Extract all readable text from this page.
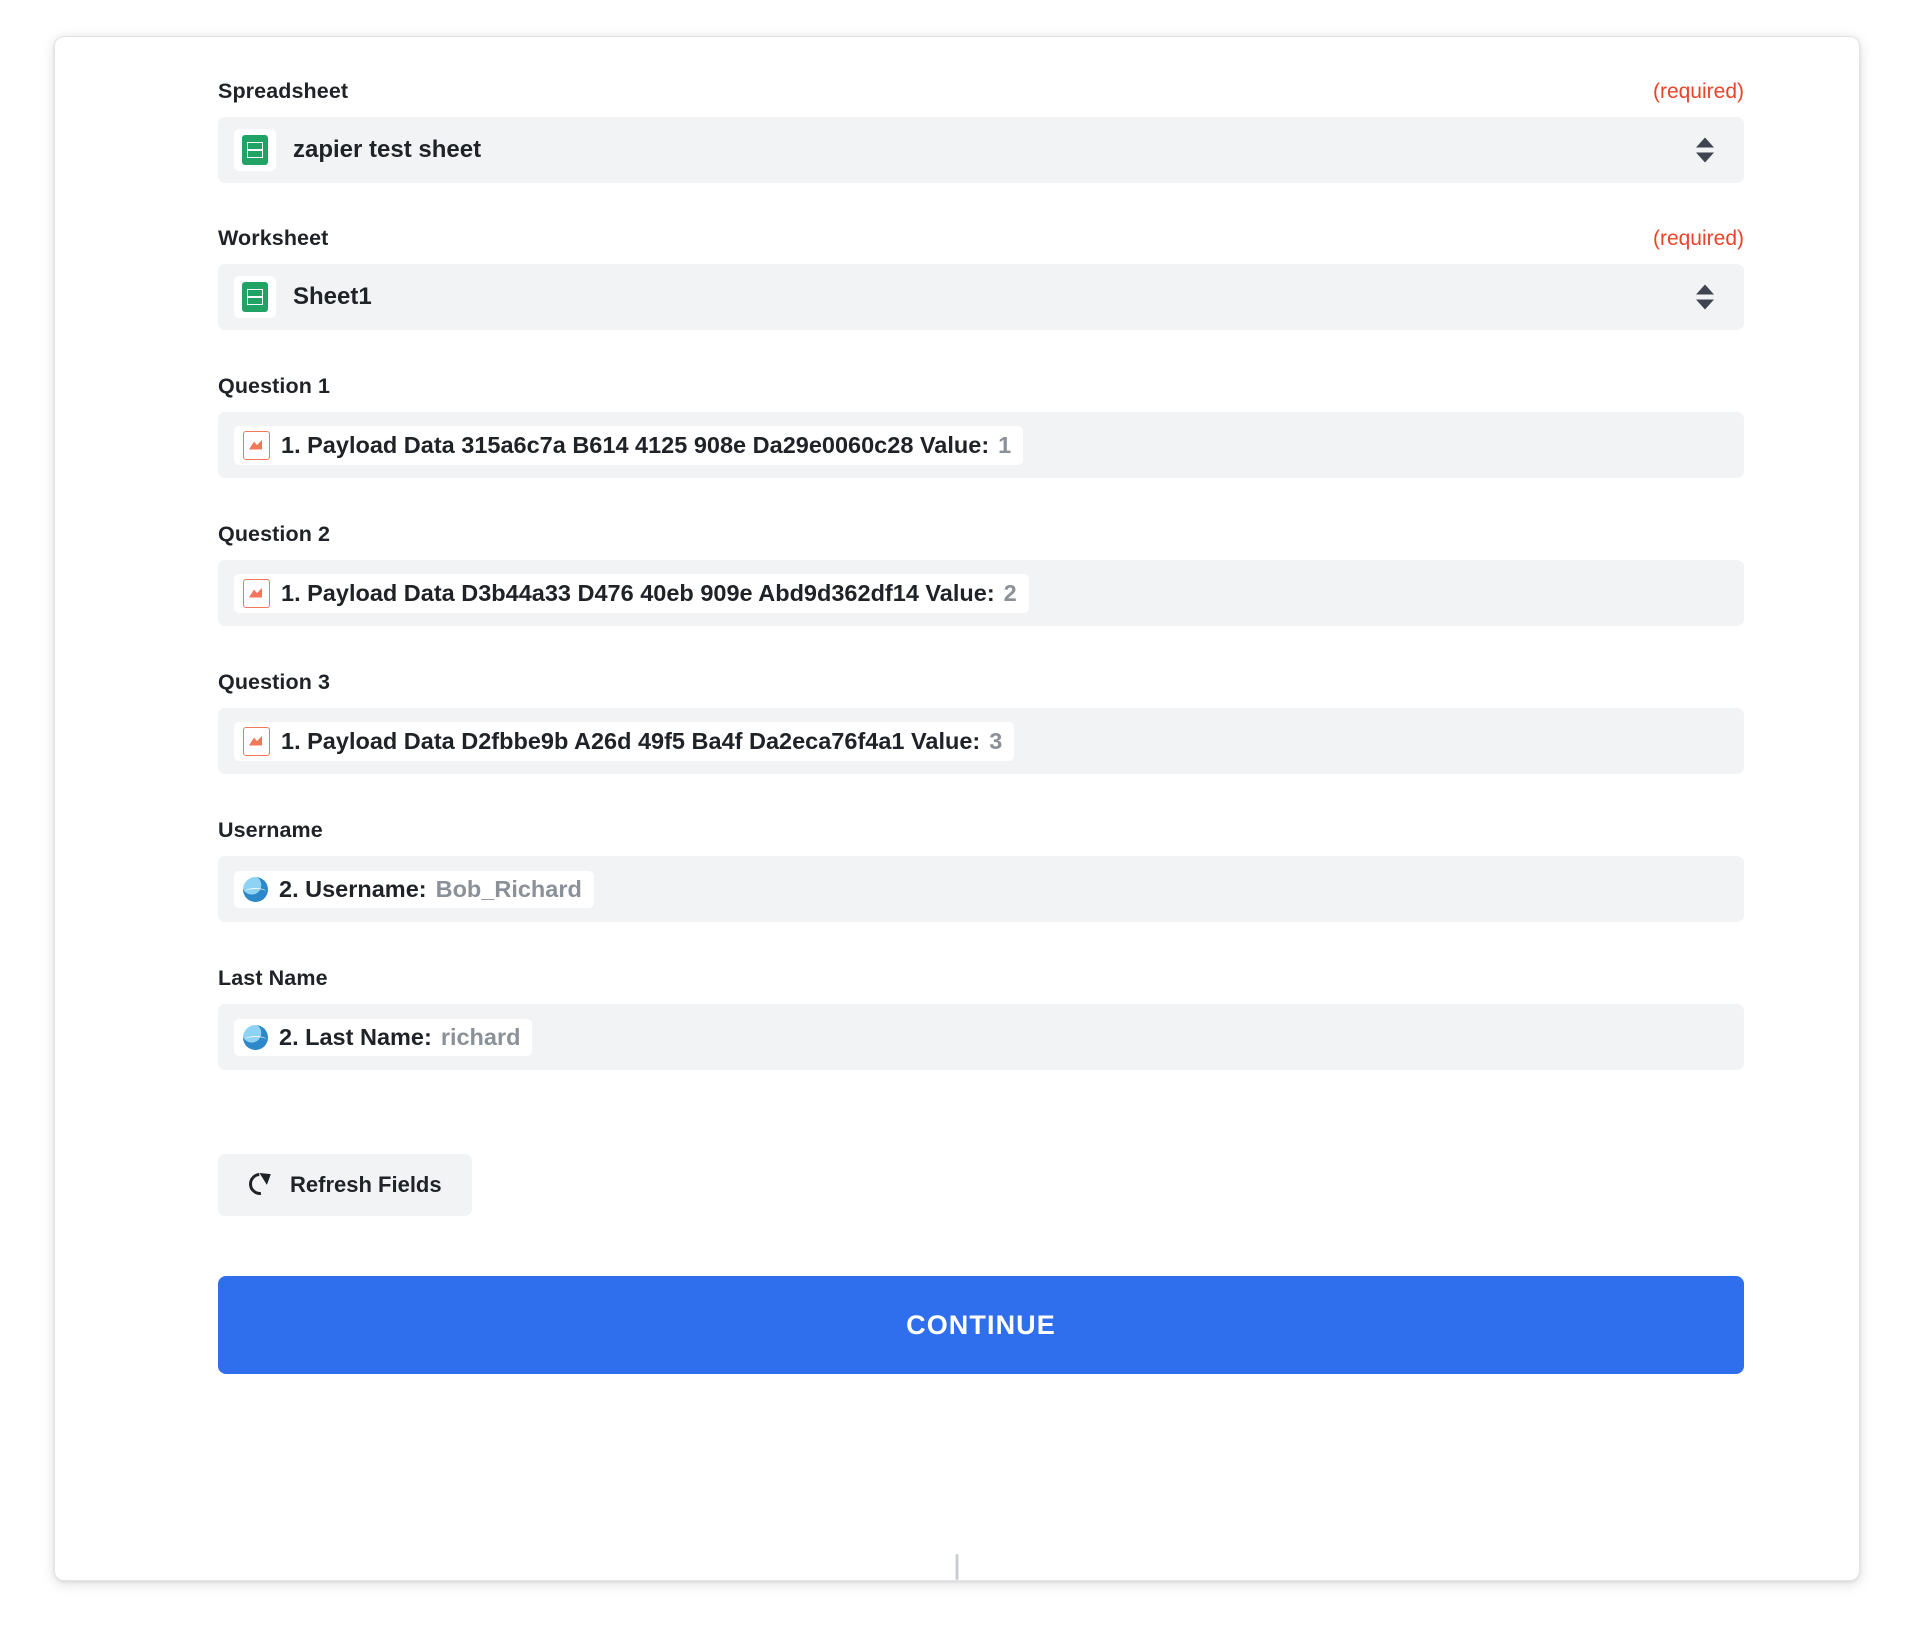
Spreadsheet	(required)
zapier test sheet
Worksheet	(required)
Sheet1
Question 1
1. Payload Data 315a6c7a B614 4125 908e Da29e0060c28 Value: 1
Question 2
1. Payload Data D3b44a33 D476 40eb 909e Abd9d362df14 Value: 2
Question 3
1. Payload Data D2fbbe9b A26d 49f5 Ba4f Da2eca76f4a1 Value: 3
Username
2. Username: Bob_Richard
Last Name
2. Last Name: richard
Refresh Fields
CONTINUE
